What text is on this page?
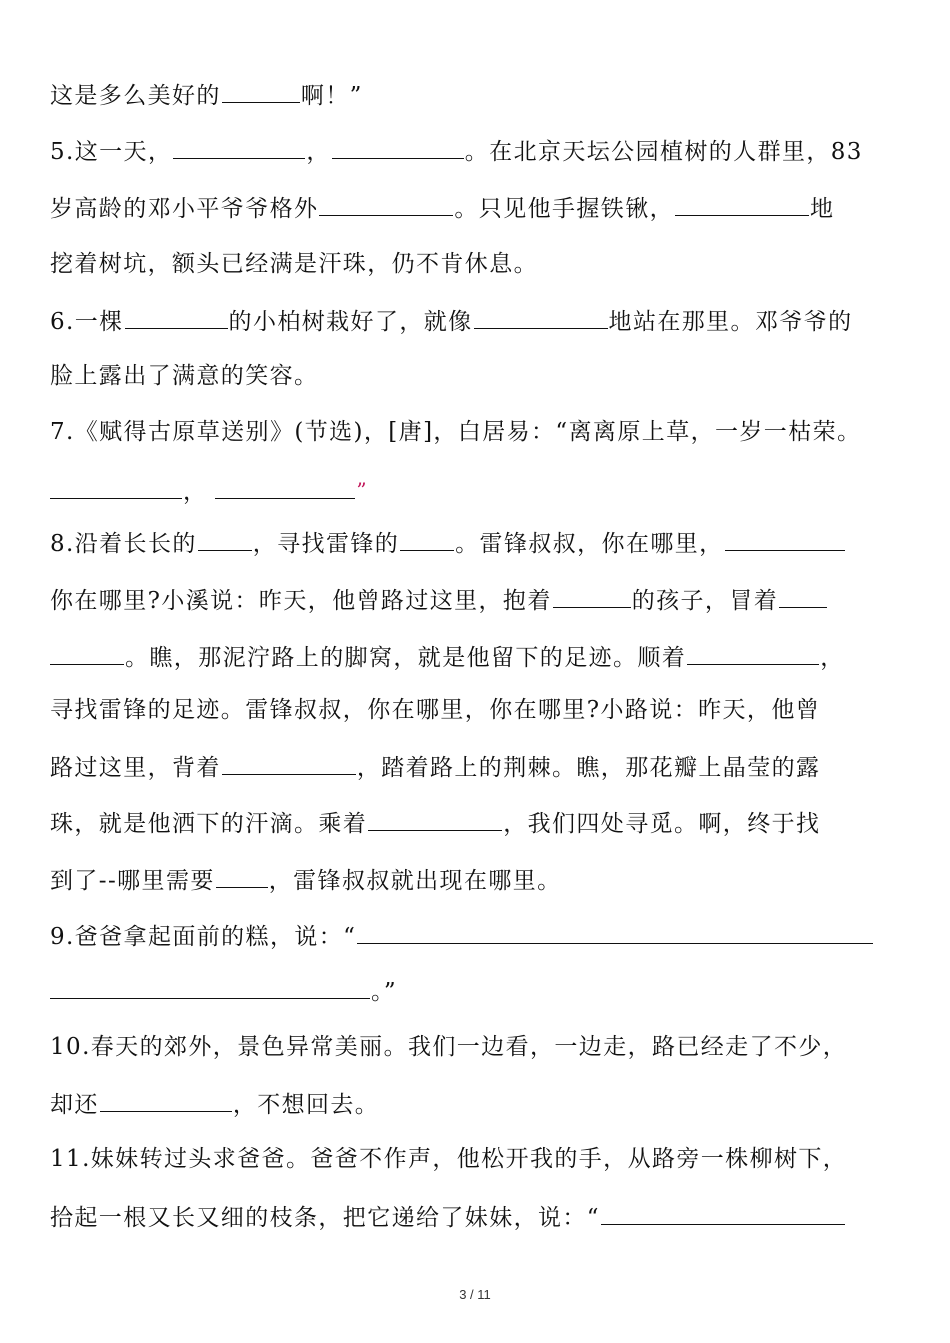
这是多么美好的	啊！”
5.这一天，	，	。在北京天坛公园植树的人群里，83
岁高龄的邓小平爷爷格外	。只见他手握铁锹，	地
挖着树坑，额头已经满是汗珠，仍不肯休息。
6.一棵	的小柏树栽好了，就像	地站在那里。邓爷爷的
脸上露出了满意的笑容。
7.《赋得古原草送别》(节选)，[唐]，白居易：“离离原上草，一岁一枯荣。
，	”
8.沿着长长的 ，寻找雷锋的 。雷锋叔叔，你在哪里，
你在哪里?小溪说：昨天，他曾路过这里，抱着	的孩子，冒着
。瞧，那泥泞路上的脚窝，就是他留下的足迹。顺着	，
寻找雷锋的足迹。雷锋叔叔，你在哪里，你在哪里?小路说：昨天，他曾
路过这里，背着	，踏着路上的荆棘。瞧，那花瓣上晶莹的露
珠，就是他洒下的汗滴。乘着	，我们四处寻觅。啊，终于找
到了--哪里需要 ，雷锋叔叔就出现在哪里。
9.爸爸拿起面前的糕，说：“
。”
10.春天的郊外，景色异常美丽。我们一边看，一边走，路已经走了不少，
却还	，不想回去。
11.妹妹转过头求爸爸。爸爸不作声，他松开我的手，从路旁一株柳树下，
拾起一根又长又细的枝条，把它递给了妹妹，说：“
3 / 11
